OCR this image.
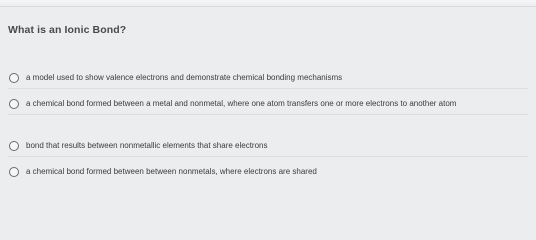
What is an Ionic Bond?
a model used to show valence electrons and demonstrate chemical bonding mechanisms
a chemical bond formed between a metal and nonmetal, where one atom transfers one or more electrons to another atom
bond that results between nonmetallic elements that share electrons
a chemical bond formed between between nonmetals, where electrons are shared
